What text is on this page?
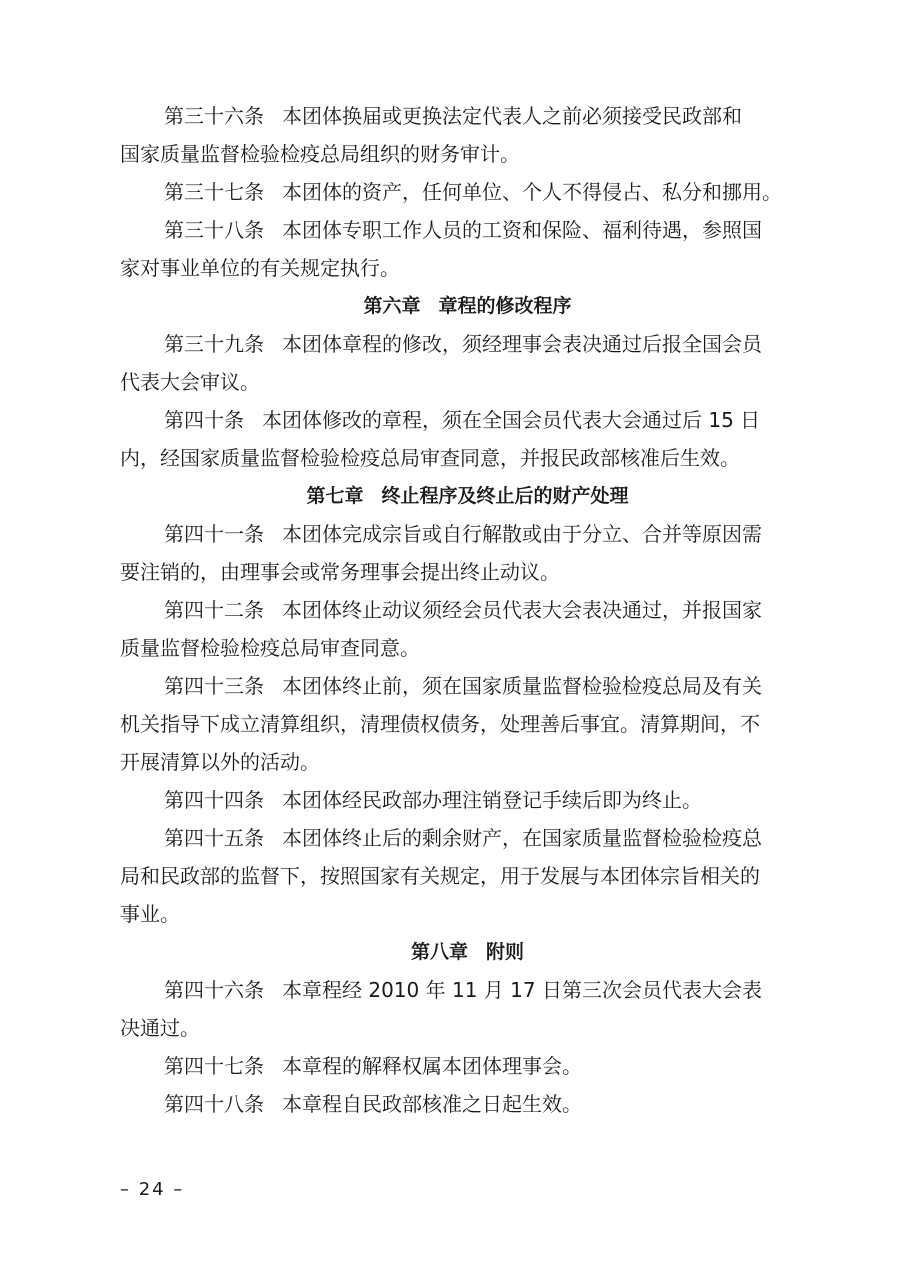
第三十六条 本团体换届或更换法定代表人之前必须接受民政部和
国家质量监督检验检疫总局组织的财务审计。
第三十七条 本团体的资产，任何单位、个人不得侵占、私分和挪用。
第三十八条 本团体专职工作人员的工资和保险、福利待遇，参照国
家对事业单位的有关规定执行。
第六章 章程的修改程序
第三十九条 本团体章程的修改，须经理事会表决通过后报全国会员
代表大会审议。
第四十条 本团体修改的章程，须在全国会员代表大会通过后 15 日
内，经国家质量监督检验检疫总局审查同意，并报民政部核准后生效。
第七章 终止程序及终止后的财产处理
第四十一条 本团体完成宗旨或自行解散或由于分立、合并等原因需
要注销的，由理事会或常务理事会提出终止动议。
第四十二条 本团体终止动议须经会员代表大会表决通过，并报国家
质量监督检验检疫总局审查同意。
第四十三条 本团体终止前，须在国家质量监督检验检疫总局及有关
机关指导下成立清算组织，清理债权债务，处理善后事宜。清算期间，不
开展清算以外的活动。
第四十四条 本团体经民政部办理注销登记手续后即为终止。
第四十五条 本团体终止后的剩余财产，在国家质量监督检验检疫总
局和民政部的监督下，按照国家有关规定，用于发展与本团体宗旨相关的
事业。
第八章 附则
第四十六条 本章程经 2010 年 11 月 17 日第三次会员代表大会表
决通过。
第四十七条 本章程的解释权属本团体理事会。
第四十八条 本章程自民政部核准之日起生效。
– 24 –
